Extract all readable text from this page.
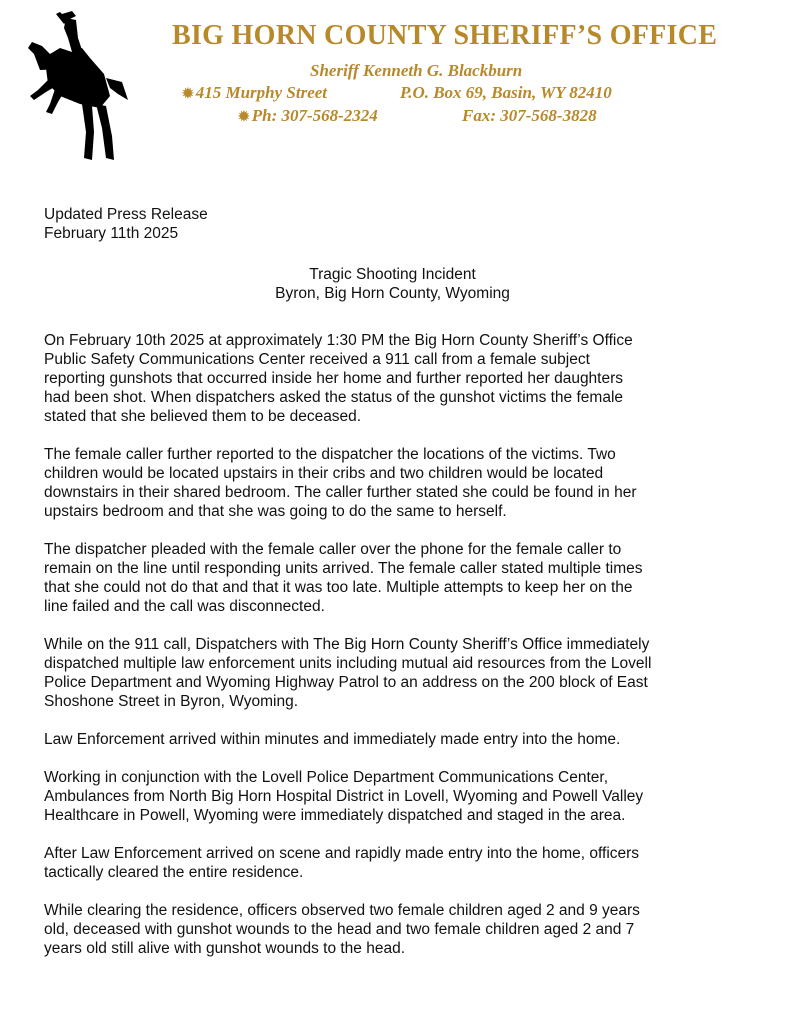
BIG HORN COUNTY SHERIFF’S OFFICE
Sheriff Kenneth G. Blackburn
✹ 415 Murphy Street	P.O. Box 69, Basin, WY 82410
✹ Ph: 307-568-2324	Fax: 307-568-3828
Updated Press Release
February 11th 2025
Tragic Shooting Incident
Byron, Big Horn County, Wyoming

On February 10th 2025 at approximately 1:30 PM the Big Horn County Sheriff’s Office
Public Safety Communications Center received a 911 call from a female subject
reporting gunshots that occurred inside her home and further reported her daughters
had been shot. When dispatchers asked the status of the gunshot victims the female
stated that she believed them to be deceased.

The female caller further reported to the dispatcher the locations of the victims. Two
children would be located upstairs in their cribs and two children would be located
downstairs in their shared bedroom. The caller further stated she could be found in her
upstairs bedroom and that she was going to do the same to herself.

The dispatcher pleaded with the female caller over the phone for the female caller to
remain on the line until responding units arrived. The female caller stated multiple times
that she could not do that and that it was too late. Multiple attempts to keep her on the
line failed and the call was disconnected.

While on the 911 call, Dispatchers with The Big Horn County Sheriff’s Office immediately
dispatched multiple law enforcement units including mutual aid resources from the Lovell
Police Department and Wyoming Highway Patrol to an address on the 200 block of East
Shoshone Street in Byron, Wyoming.

Law Enforcement arrived within minutes and immediately made entry into the home.

Working in conjunction with the Lovell Police Department Communications Center,
Ambulances from North Big Horn Hospital District in Lovell, Wyoming and Powell Valley
Healthcare in Powell, Wyoming were immediately dispatched and staged in the area.

After Law Enforcement arrived on scene and rapidly made entry into the home, officers
tactically cleared the entire residence.

While clearing the residence, officers observed two female children aged 2 and 9 years
old, deceased with gunshot wounds to the head and two female children aged 2 and 7
years old still alive with gunshot wounds to the head.
